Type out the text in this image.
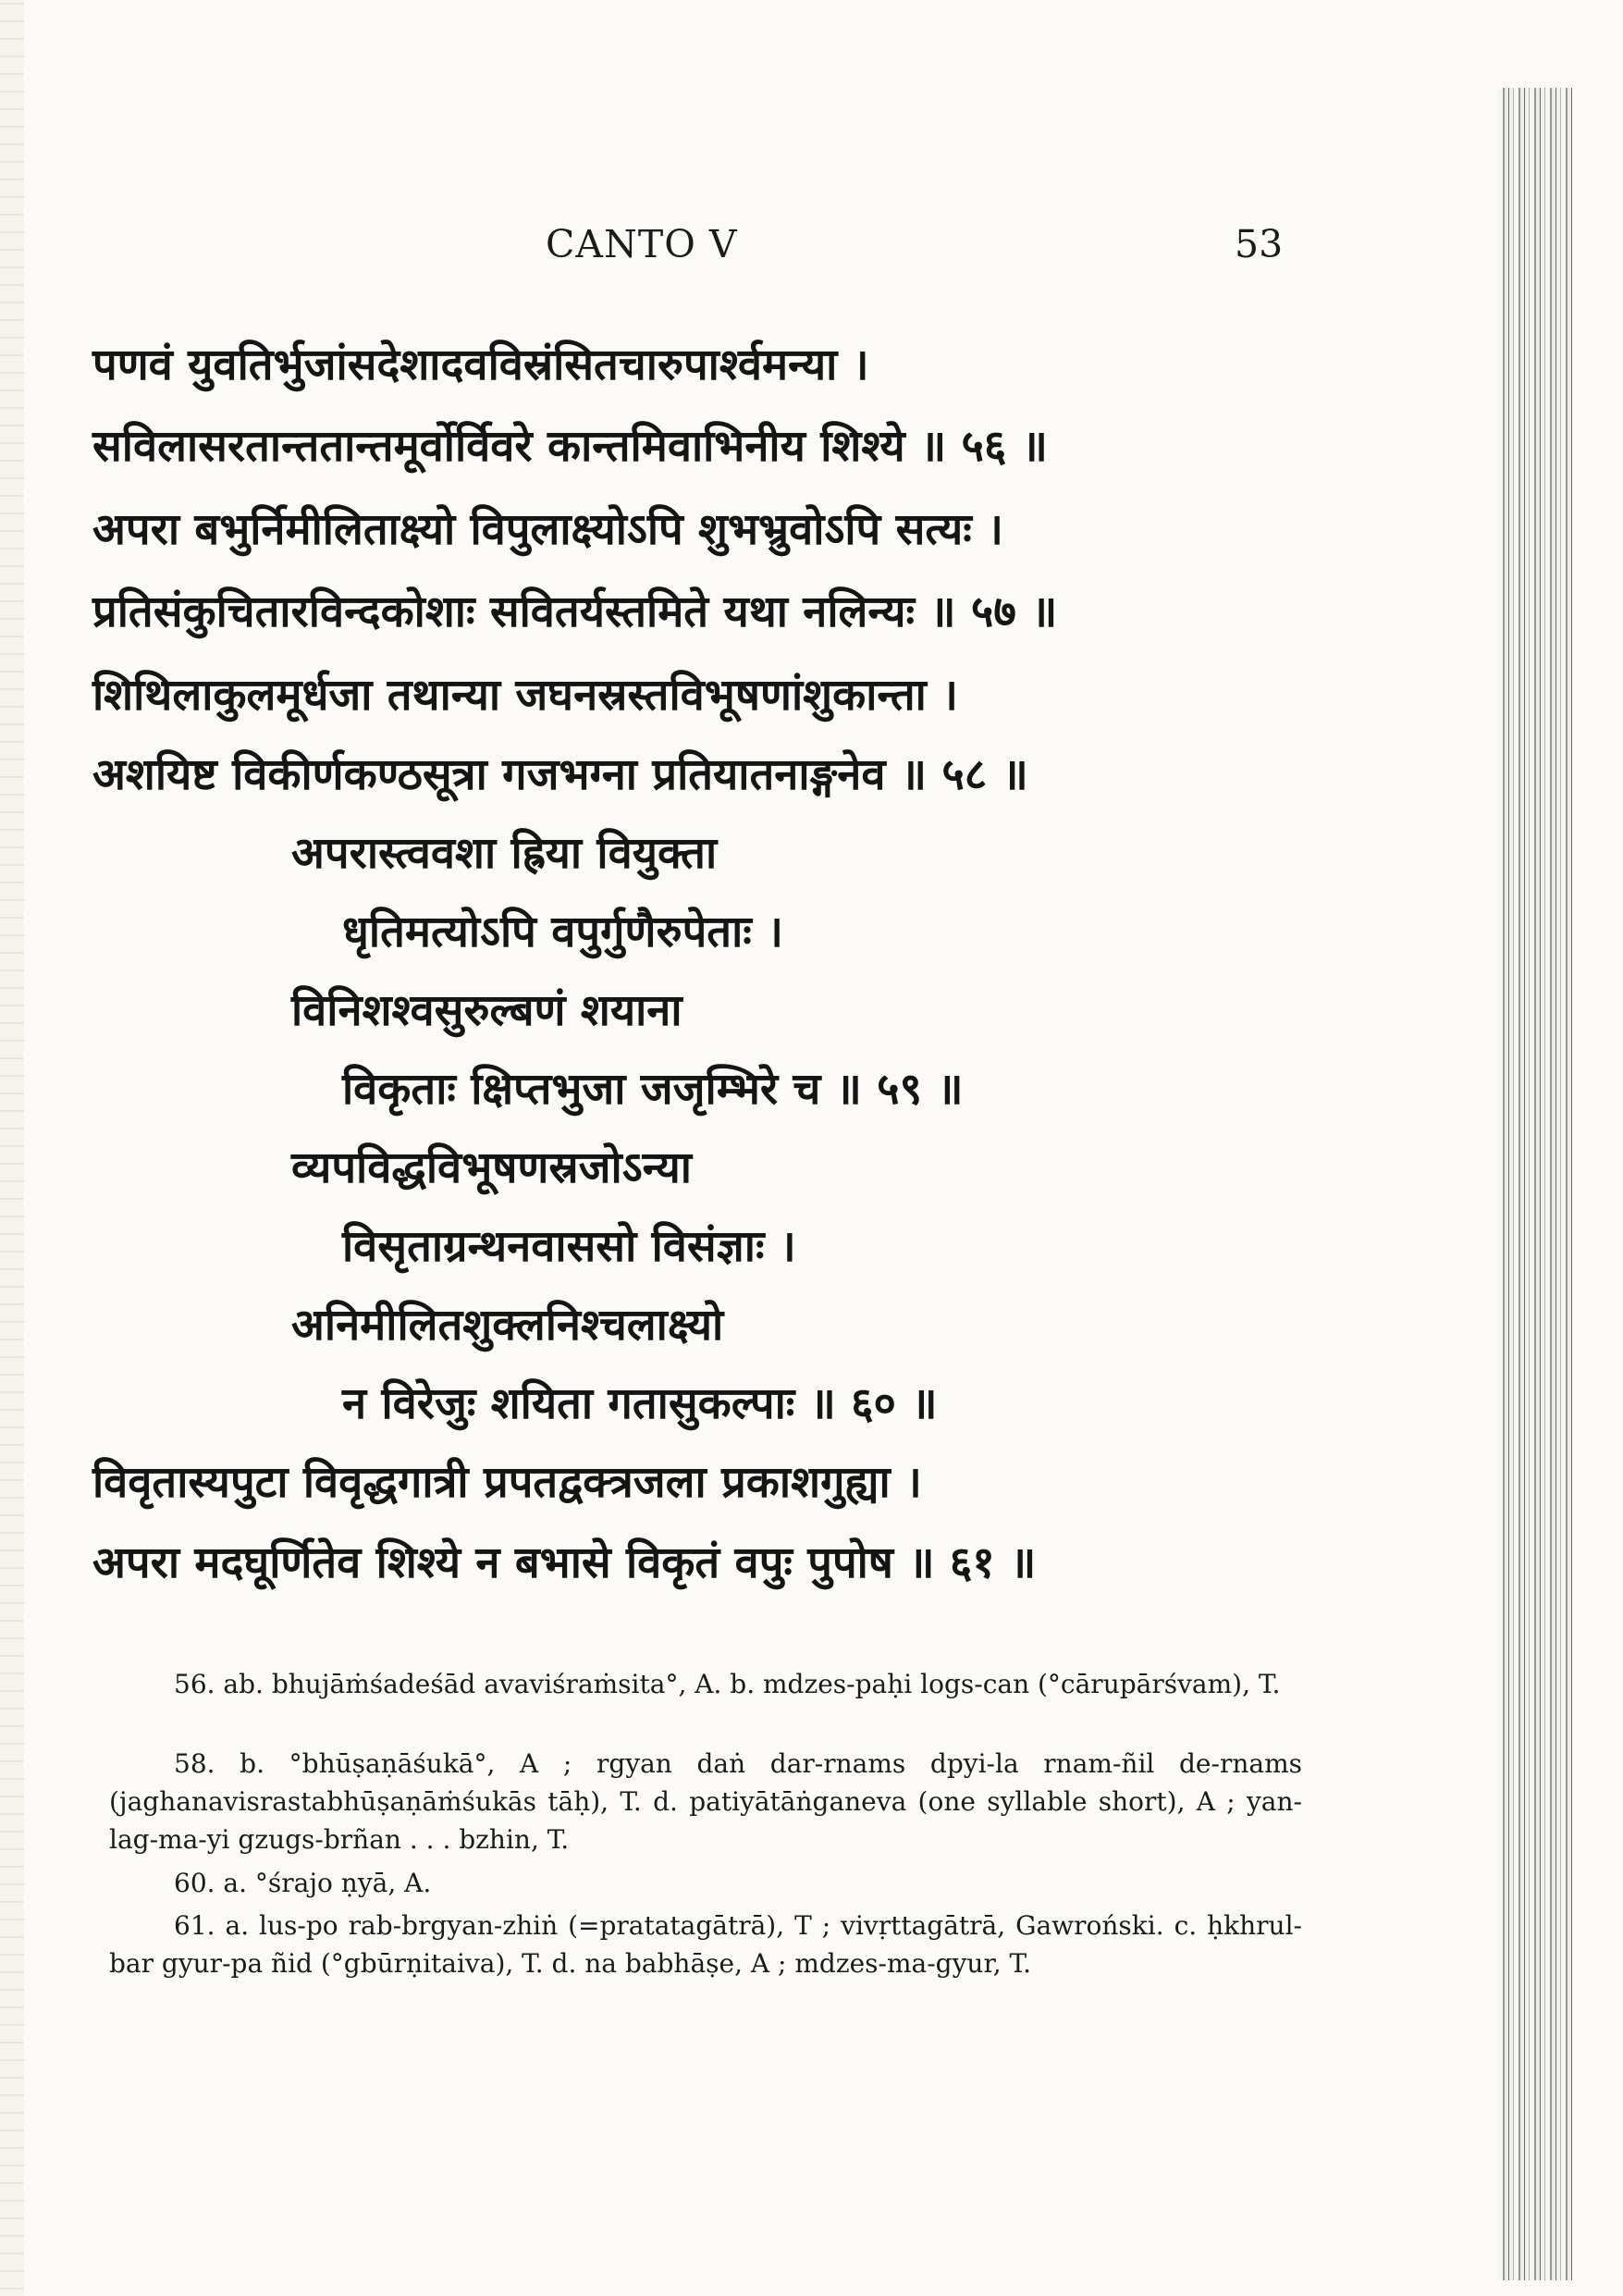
CANTO V	53
पणवं युवतिर्भुजांसदेशादवविस्रंसितचारुपार्श्वमन्या ।
सविलासरतान्ततान्तमूर्वोर्विवरे कान्तमिवाभिनीय शिश्ये ॥ ५६ ॥
अपरा बभुर्निमीलिताक्ष्यो विपुलाक्ष्योऽपि शुभभ्रुवोऽपि सत्यः ।
प्रतिसंकुचितारविन्दकोशाः सवितर्यस्तमिते यथा नलिन्यः ॥ ५७ ॥
शिथिलाकुलमूर्धजा तथान्या जघनस्रस्तविभूषणांशुकान्ता ।
अशयिष्ट विकीर्णकण्ठसूत्रा गजभग्ना प्रतियातनाङ्गनेव ॥ ५८ ॥
अपरास्त्ववशा ह्रिया वियुक्ता
धृतिमत्योऽपि वपुर्गुणैरुपेताः ।
विनिशश्वसुरुल्बणं शयाना
विकृताः क्षिप्तभुजा जजृम्भिरे च ॥ ५९ ॥
व्यपविद्धविभूषणस्रजोऽन्या
विसृताग्रन्थनवाससो विसंज्ञाः ।
अनिमीलितशुक्लनिश्चलाक्ष्यो
न विरेजुः शयिता गतासुकल्पाः ॥ ६० ॥
विवृतास्यपुटा विवृद्धगात्री प्रपतद्वक्त्रजला प्रकाशगुह्या ।
अपरा मदघूर्णितेव शिश्ये न बभासे विकृतं वपुः पुपोष ॥ ६१ ॥
56. ab. bhujāṁśadeśād avaviśraṁsita°, A. b. mdzes-paḥi logs-can (°cārupārśvam), T.
58. b. °bhūṣaṇāśukā°, A ; rgyan daṅ dar-rnams dpyi-la rnam-ñil de-rnams (jaghanavisrastabhūṣaṇāṁśukās tāḥ), T. d. patiyātāṅganeva (one syllable short), A ; yan-lag-ma-yi gzugs-brñan . . . bzhin, T.
60. a. °śrajo ṇyā, A.
61. a. lus-po rab-brgyan-zhiṅ (=pratatagātrā), T ; vivṛttagātrā, Gawroński. c. ḥkhrul-bar gyur-pa ñid (°gbūrṇitaiva), T. d. na babhāṣe, A ; mdzes-ma-gyur, T.
